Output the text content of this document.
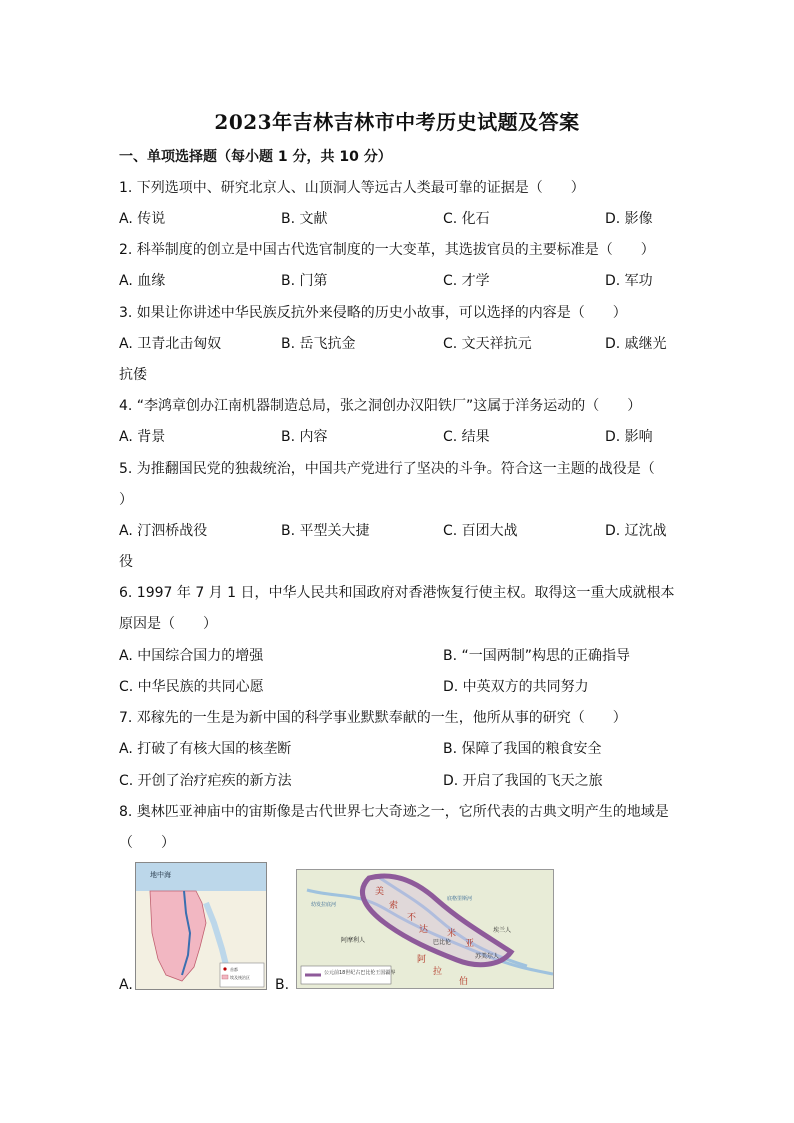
2023年吉林吉林市中考历史试题及答案
一、单项选择题（每小题 1 分，共 10 分）
1. 下列选项中、研究北京人、山顶洞人等远古人类最可靠的证据是（　　）
A. 传说	B. 文献	C. 化石	D. 影像
2. 科举制度的创立是中国古代选官制度的一大变革，其选拔官员的主要标准是（　　）
A. 血缘	B. 门第	C. 才学	D. 军功
3. 如果让你讲述中华民族反抗外来侵略的历史小故事，可以选择的内容是（　　）
A. 卫青北击匈奴	B. 岳飞抗金	C. 文天祥抗元	D. 戚继光
抗倭
4. “李鸿章创办江南机器制造总局，张之洞创办汉阳铁厂”这属于洋务运动的（　　）
A. 背景	B. 内容	C. 结果	D. 影响
5. 为推翻国民党的独裁统治，中国共产党进行了坚决的斗争。符合这一主题的战役是（
）
A. 汀泗桥战役	B. 平型关大捷	C. 百团大战	D. 辽沈战
役
6. 1997 年 7 月 1 日，中华人民共和国政府对香港恢复行使主权。取得这一重大成就根本
原因是（　　）
A. 中国综合国力的增强	B. “一国两制”构思的正确指导
C. 中华民族的共同心愿	D. 中英双方的共同努力
7. 邓稼先的一生是为新中国的科学事业默默奉献的一生，他所从事的研究（　　）
A. 打破了有核大国的核垄断	B. 保障了我国的粮食安全
C. 开创了治疗疟疾的新方法	D. 开启了我国的飞天之旅
8. 奥林匹亚神庙中的宙斯像是古代世界七大奇迹之一，它所代表的古典文明产生的地域是
（　　）
A.
地中海
首都
埃及统治区 B.
公元前18世纪古巴比伦王国疆界
美
索
不
达 米
亚
阿摩利人	巴比伦
埃兰人
阿
拉
伯
幼发拉底河
底格里斯河
苏美尔人
